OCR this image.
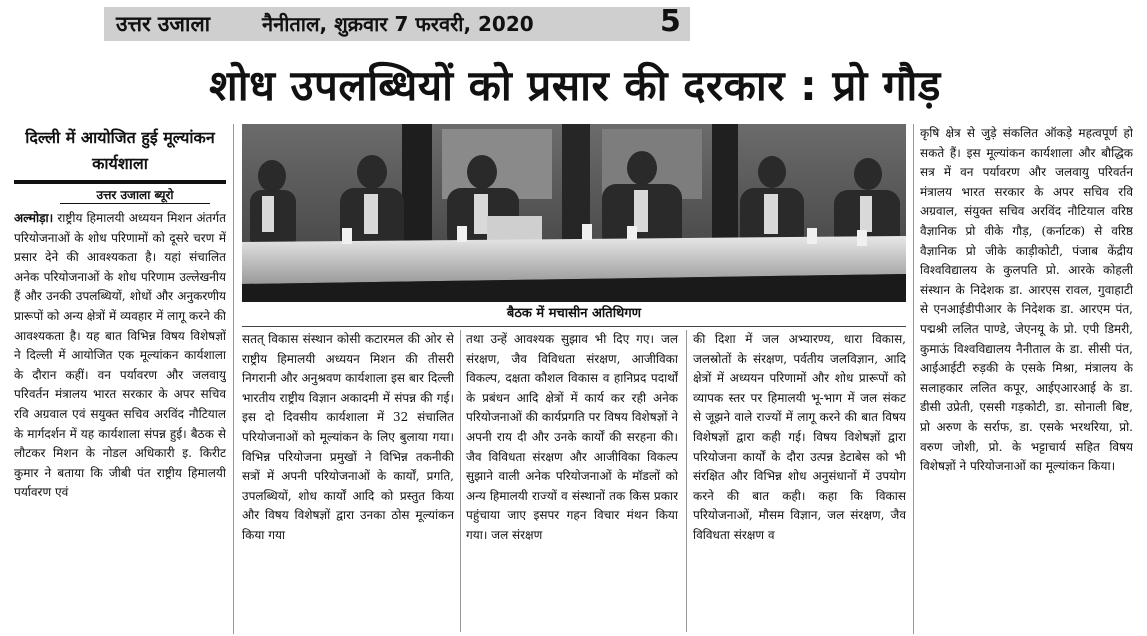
उत्तर उजाला	नैनीताल, शुक्रवार 7 फरवरी, 2020	5
शोध उपलब्धियों को प्रसार की दरकार : प्रो गौड़
दिल्ली में आयोजित हुई मूल्यांकन कार्यशाला
उत्तर उजाला ब्यूरो

अल्मोड़ा। राष्ट्रीय हिमालयी अध्ययन मिशन अंतर्गत परियोजनाओं के शोध परिणामों को दूसरे चरण में प्रसार देने की आवश्यकता है। यहां संचालित अनेक परियोजनाओं के शोध परिणाम उल्लेखनीय हैं और उनकी उपलब्धियों, शोधों और अनुकरणीय प्रारूपों को अन्य क्षेत्रों में व्यवहार में लागू करने की आवश्यकता है। यह बात विभिन्न विषय विशेषज्ञों ने दिल्ली में आयोजित एक मूल्यांकन कार्यशाला के दौरान कहीं। वन पर्यावरण और जलवायु परिवर्तन मंत्रालय भारत सरकार के अपर सचिव रवि अग्रवाल एवं सयुक्त सचिव अरविंद नौटियाल के मार्गदर्शन में यह कार्यशाला संपन्न हुई। बैठक से लौटकर मिशन के नोडल अधिकारी इ. किरीट कुमार ने बताया कि जीबी पंत राष्ट्रीय हिमालयी पर्यावरण एवं

बैठक में मचासीन अतिथिगण

सतत् विकास संस्थान कोसी कटारमल की ओर से राष्ट्रीय हिमालयी अध्ययन मिशन की तीसरी निगरानी और अनुश्रवण कार्यशाला इस बार दिल्ली भारतीय राष्ट्रीय विज्ञान अकादमी में संपन्न की गई। इस दो दिवसीय कार्यशाला में 32 संचालित परियोजनाओं को मूल्यांकन के लिए बुलाया गया। विभिन्न परियोजना प्रमुखों ने विभिन्न तकनीकी सत्रों में अपनी परियोजनाओं के कार्यों, प्रगति, उपलब्धियों, शोध कार्यों आदि को प्रस्तुत किया और विषय विशेषज्ञों द्वारा उनका ठोस मूल्यांकन किया गया

तथा उन्हें आवश्यक सुझाव भी दिए गए। जल संरक्षण, जैव विविधता संरक्षण, आजीविका विकल्प, दक्षता कौशल विकास व हानिप्रद पदार्थों के प्रबंधन आदि क्षेत्रों में कार्य कर रही अनेक परियोजनाओं की कार्यप्रगति पर विषय विशेषज्ञों ने अपनी राय दी और उनके कार्यों की सरहना की। जैव विविधता संरक्षण और आजीविका विकल्प सुझाने वाली अनेक परियोजनाओं के मॉडलों को अन्य हिमालयी राज्यों व संस्थानों तक किस प्रकार पहुंचाया जाए इसपर गहन विचार मंथन किया गया। जल संरक्षण

की दिशा में जल अभ्यारण्य, धारा विकास, जलस्रोतों के संरक्षण, पर्वतीय जलविज्ञान, आदि क्षेत्रों में अध्ययन परिणामों और शोध प्रारूपों को व्यापक स्तर पर हिमालयी भू-भाग में जल संकट से जूझने वाले राज्यों में लागू करने की बात विषय विशेषज्ञों द्वारा कही गई। विषय विशेषज्ञों द्वारा परियोजना कार्यों के दौरा उत्पन्न डेटाबेस को भी संरक्षित और विभिन्न शोध अनुसंधानों में उपयोग करने की बात कही। कहा कि विकास परियोजनाओं, मौसम विज्ञान, जल संरक्षण, जैव विविधता संरक्षण व

कृषि क्षेत्र से जुड़े संकलित ऑकड़े महत्वपूर्ण हो सकते हैं। इस मूल्यांकन कार्यशाला और बौद्धिक सत्र में वन पर्यावरण और जलवायु परिवर्तन मंत्रालय भारत सरकार के अपर सचिव रवि अग्रवाल, संयुक्त सचिव अरविंद नौटियाल वरिष्ठ वैज्ञानिक प्रो वीके गौड़, (कर्नाटक) से वरिष्ठ वैज्ञानिक प्रो जीके काड़ीकोटी, पंजाब केंद्रीय विश्वविद्यालय के कुलपति प्रो. आरके कोहली संस्थान के निदेशक डा. आरएस रावल, गुवाहाटी से एनआईडीपीआर के निदेशक डा. आरएम पंत, पद्मश्री ललित पाण्डे, जेएनयू के प्रो. एपी डिमरी, कुमाऊं विश्वविद्यालय नैनीताल के डा. सीसी पंत, आईआईटी रुड़की के एसके मिश्रा, मंत्रालय के सलाहकार ललित कपूर, आईएआरआई के डा. डीसी उप्रेती, एससी गड़कोटी, डा. सोनाली बिष्ट, प्रो अरुण के सर्राफ, डा. एसके भरथरिया, प्रो. वरुण जोशी, प्रो. के भट्टाचार्य सहित विषय विशेषज्ञों ने परियोजनाओं का मूल्यांकन किया।
